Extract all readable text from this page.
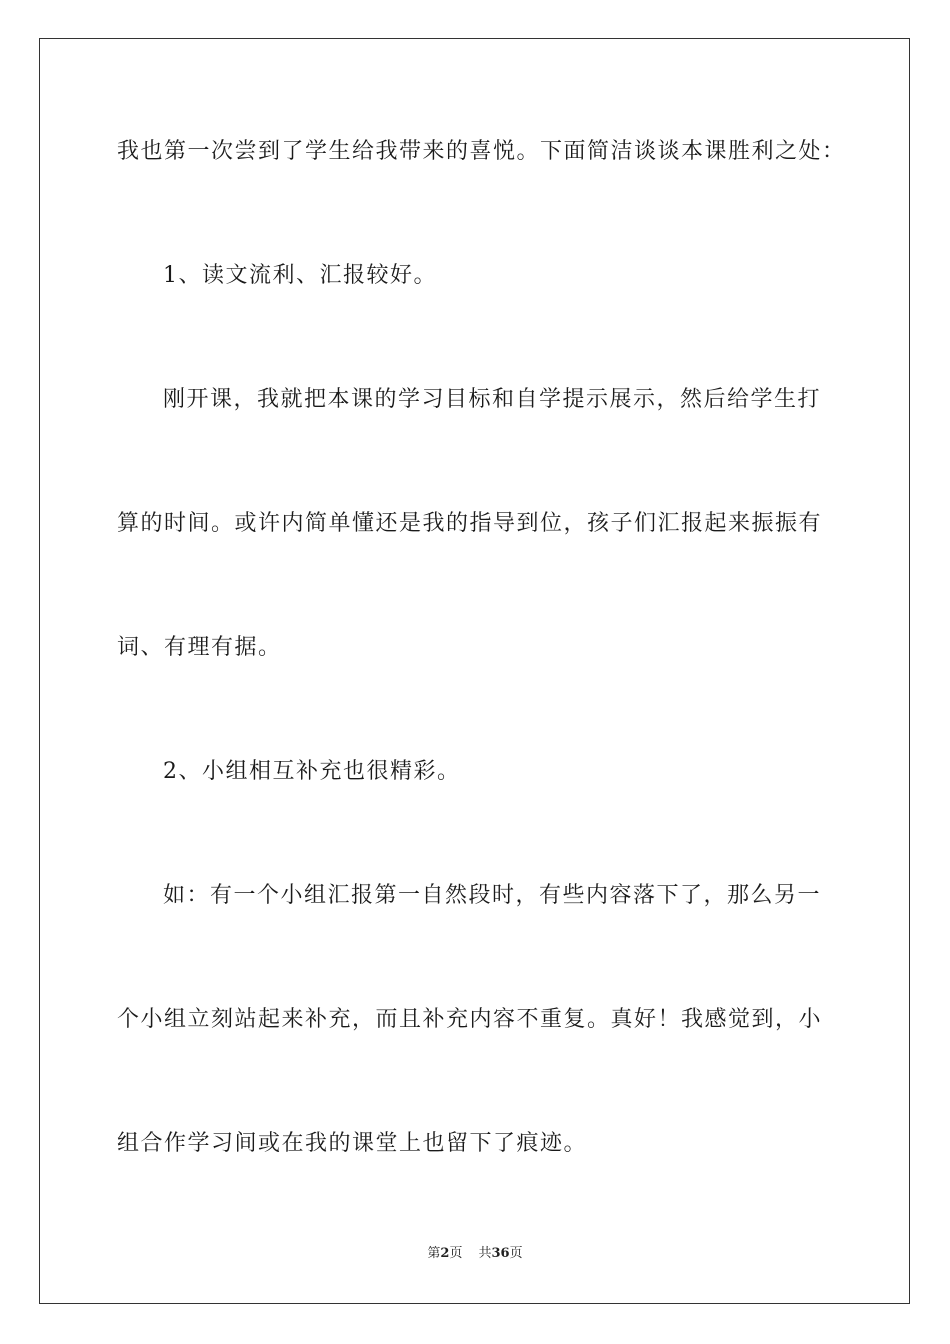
我也第一次尝到了学生给我带来的喜悦。下面简洁谈谈本课胜利之处：

1、读文流利、汇报较好。

刚开课，我就把本课的学习目标和自学提示展示，然后给学生打

算的时间。或许内简单懂还是我的指导到位，孩子们汇报起来振振有

词、有理有据。

2、小组相互补充也很精彩。

如：有一个小组汇报第一自然段时，有些内容落下了，那么另一

个小组立刻站起来补充，而且补充内容不重复。真好！我感觉到，小

组合作学习间或在我的课堂上也留下了痕迹。

第2页 共36页
